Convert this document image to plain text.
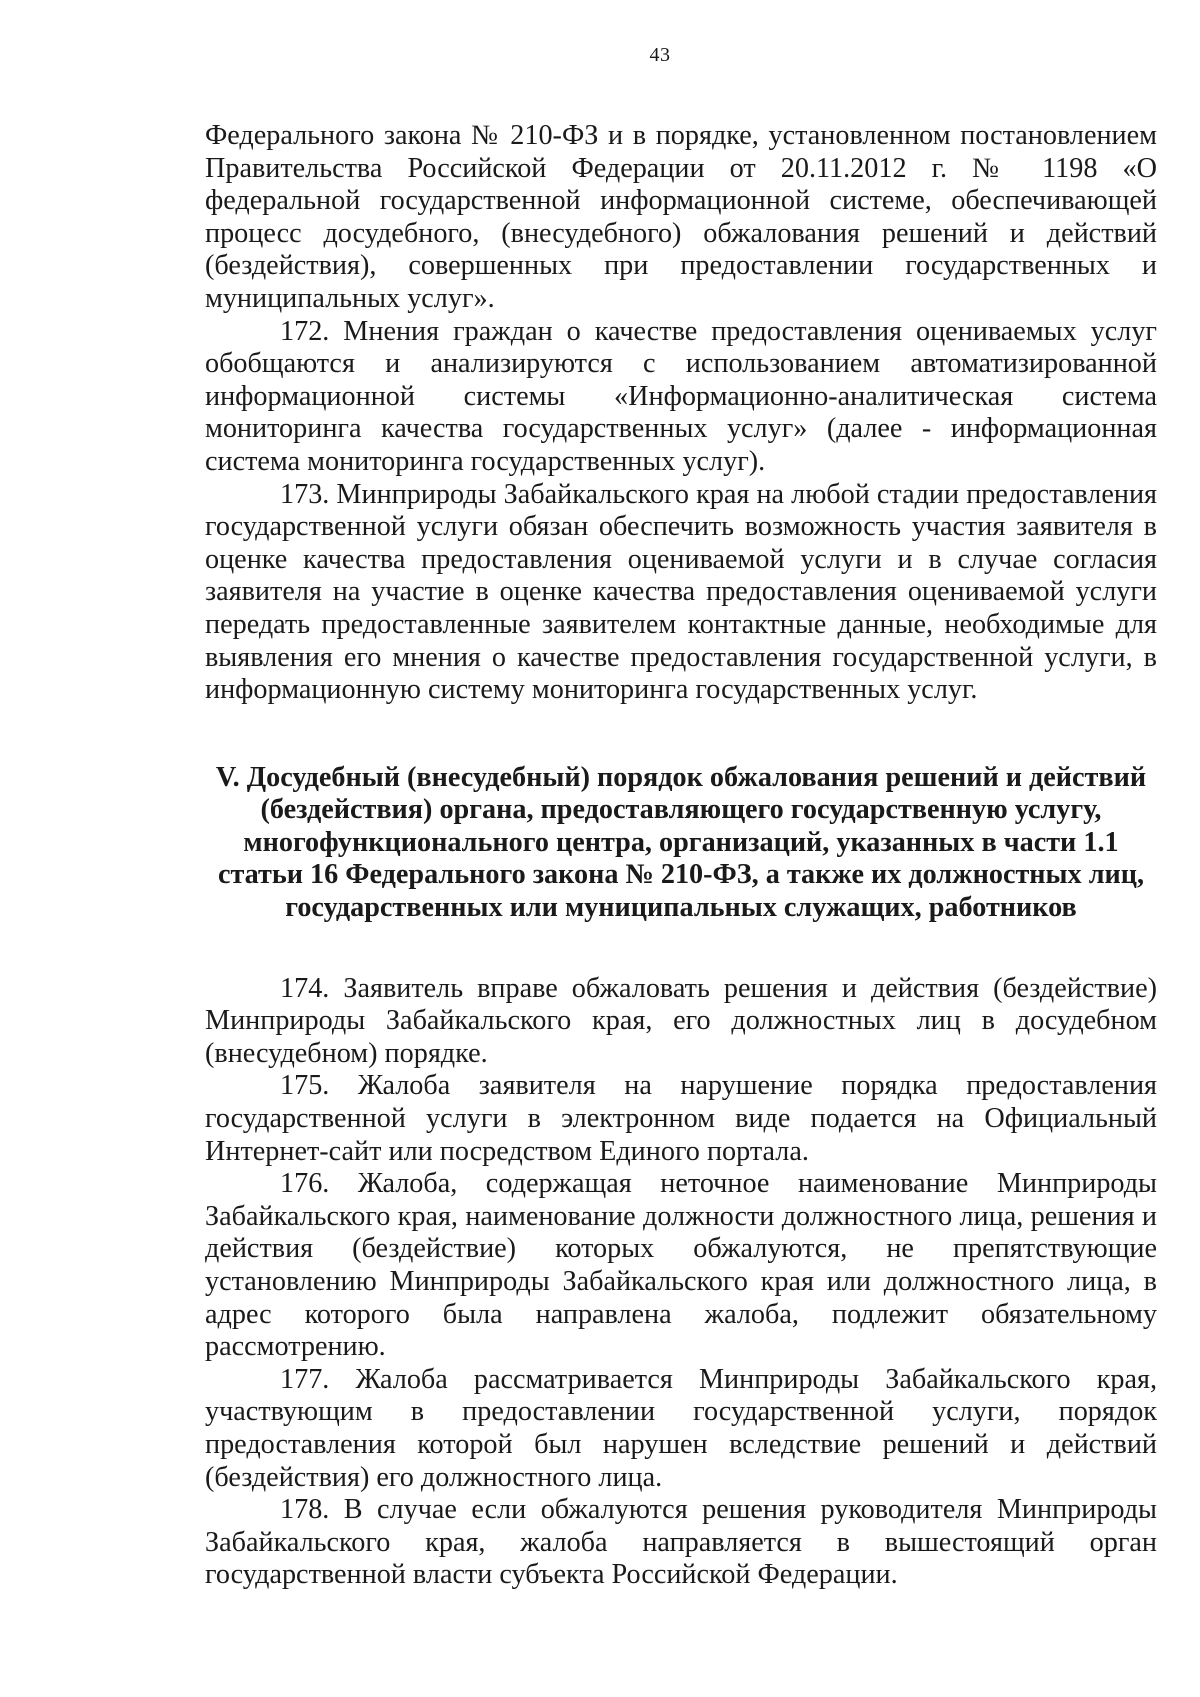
43

Федерального закона № 210-ФЗ и в порядке, установленном постановлением Правительства Российской Федерации от 20.11.2012 г. № 1198 «О федеральной государственной информационной системе, обеспечивающей процесс досудебного, (внесудебного) обжалования решений и действий (бездействия), совершенных при предоставлении государственных и муниципальных услуг».

172. Мнения граждан о качестве предоставления оцениваемых услуг обобщаются и анализируются с использованием автоматизированной информационной системы «Информационно-аналитическая система мониторинга качества государственных услуг» (далее - информационная система мониторинга государственных услуг).

173. Минприроды Забайкальского края на любой стадии предоставления государственной услуги обязан обеспечить возможность участия заявителя в оценке качества предоставления оцениваемой услуги и в случае согласия заявителя на участие в оценке качества предоставления оцениваемой услуги передать предоставленные заявителем контактные данные, необходимые для выявления его мнения о качестве предоставления государственной услуги, в информационную систему мониторинга государственных услуг.

V. Досудебный (внесудебный) порядок обжалования решений и действий (бездействия) органа, предоставляющего государственную услугу, многофункционального центра, организаций, указанных в части 1.1 статьи 16 Федерального закона № 210-ФЗ, а также их должностных лиц, государственных или муниципальных служащих, работников

174. Заявитель вправе обжаловать решения и действия (бездействие) Минприроды Забайкальского края, его должностных лиц в досудебном (внесудебном) порядке.

175. Жалоба заявителя на нарушение порядка предоставления государственной услуги в электронном виде подается на Официальный Интернет-сайт или посредством Единого портала.

176. Жалоба, содержащая неточное наименование Минприроды Забайкальского края, наименование должности должностного лица, решения и действия (бездействие) которых обжалуются, не препятствующие установлению Минприроды Забайкальского края или должностного лица, в адрес которого была направлена жалоба, подлежит обязательному рассмотрению.

177. Жалоба рассматривается Минприроды Забайкальского края, участвующим в предоставлении государственной услуги, порядок предоставления которой был нарушен вследствие решений и действий (бездействия) его должностного лица.

178. В случае если обжалуются решения руководителя Минприроды Забайкальского края, жалоба направляется в вышестоящий орган государственной власти субъекта Российской Федерации.
